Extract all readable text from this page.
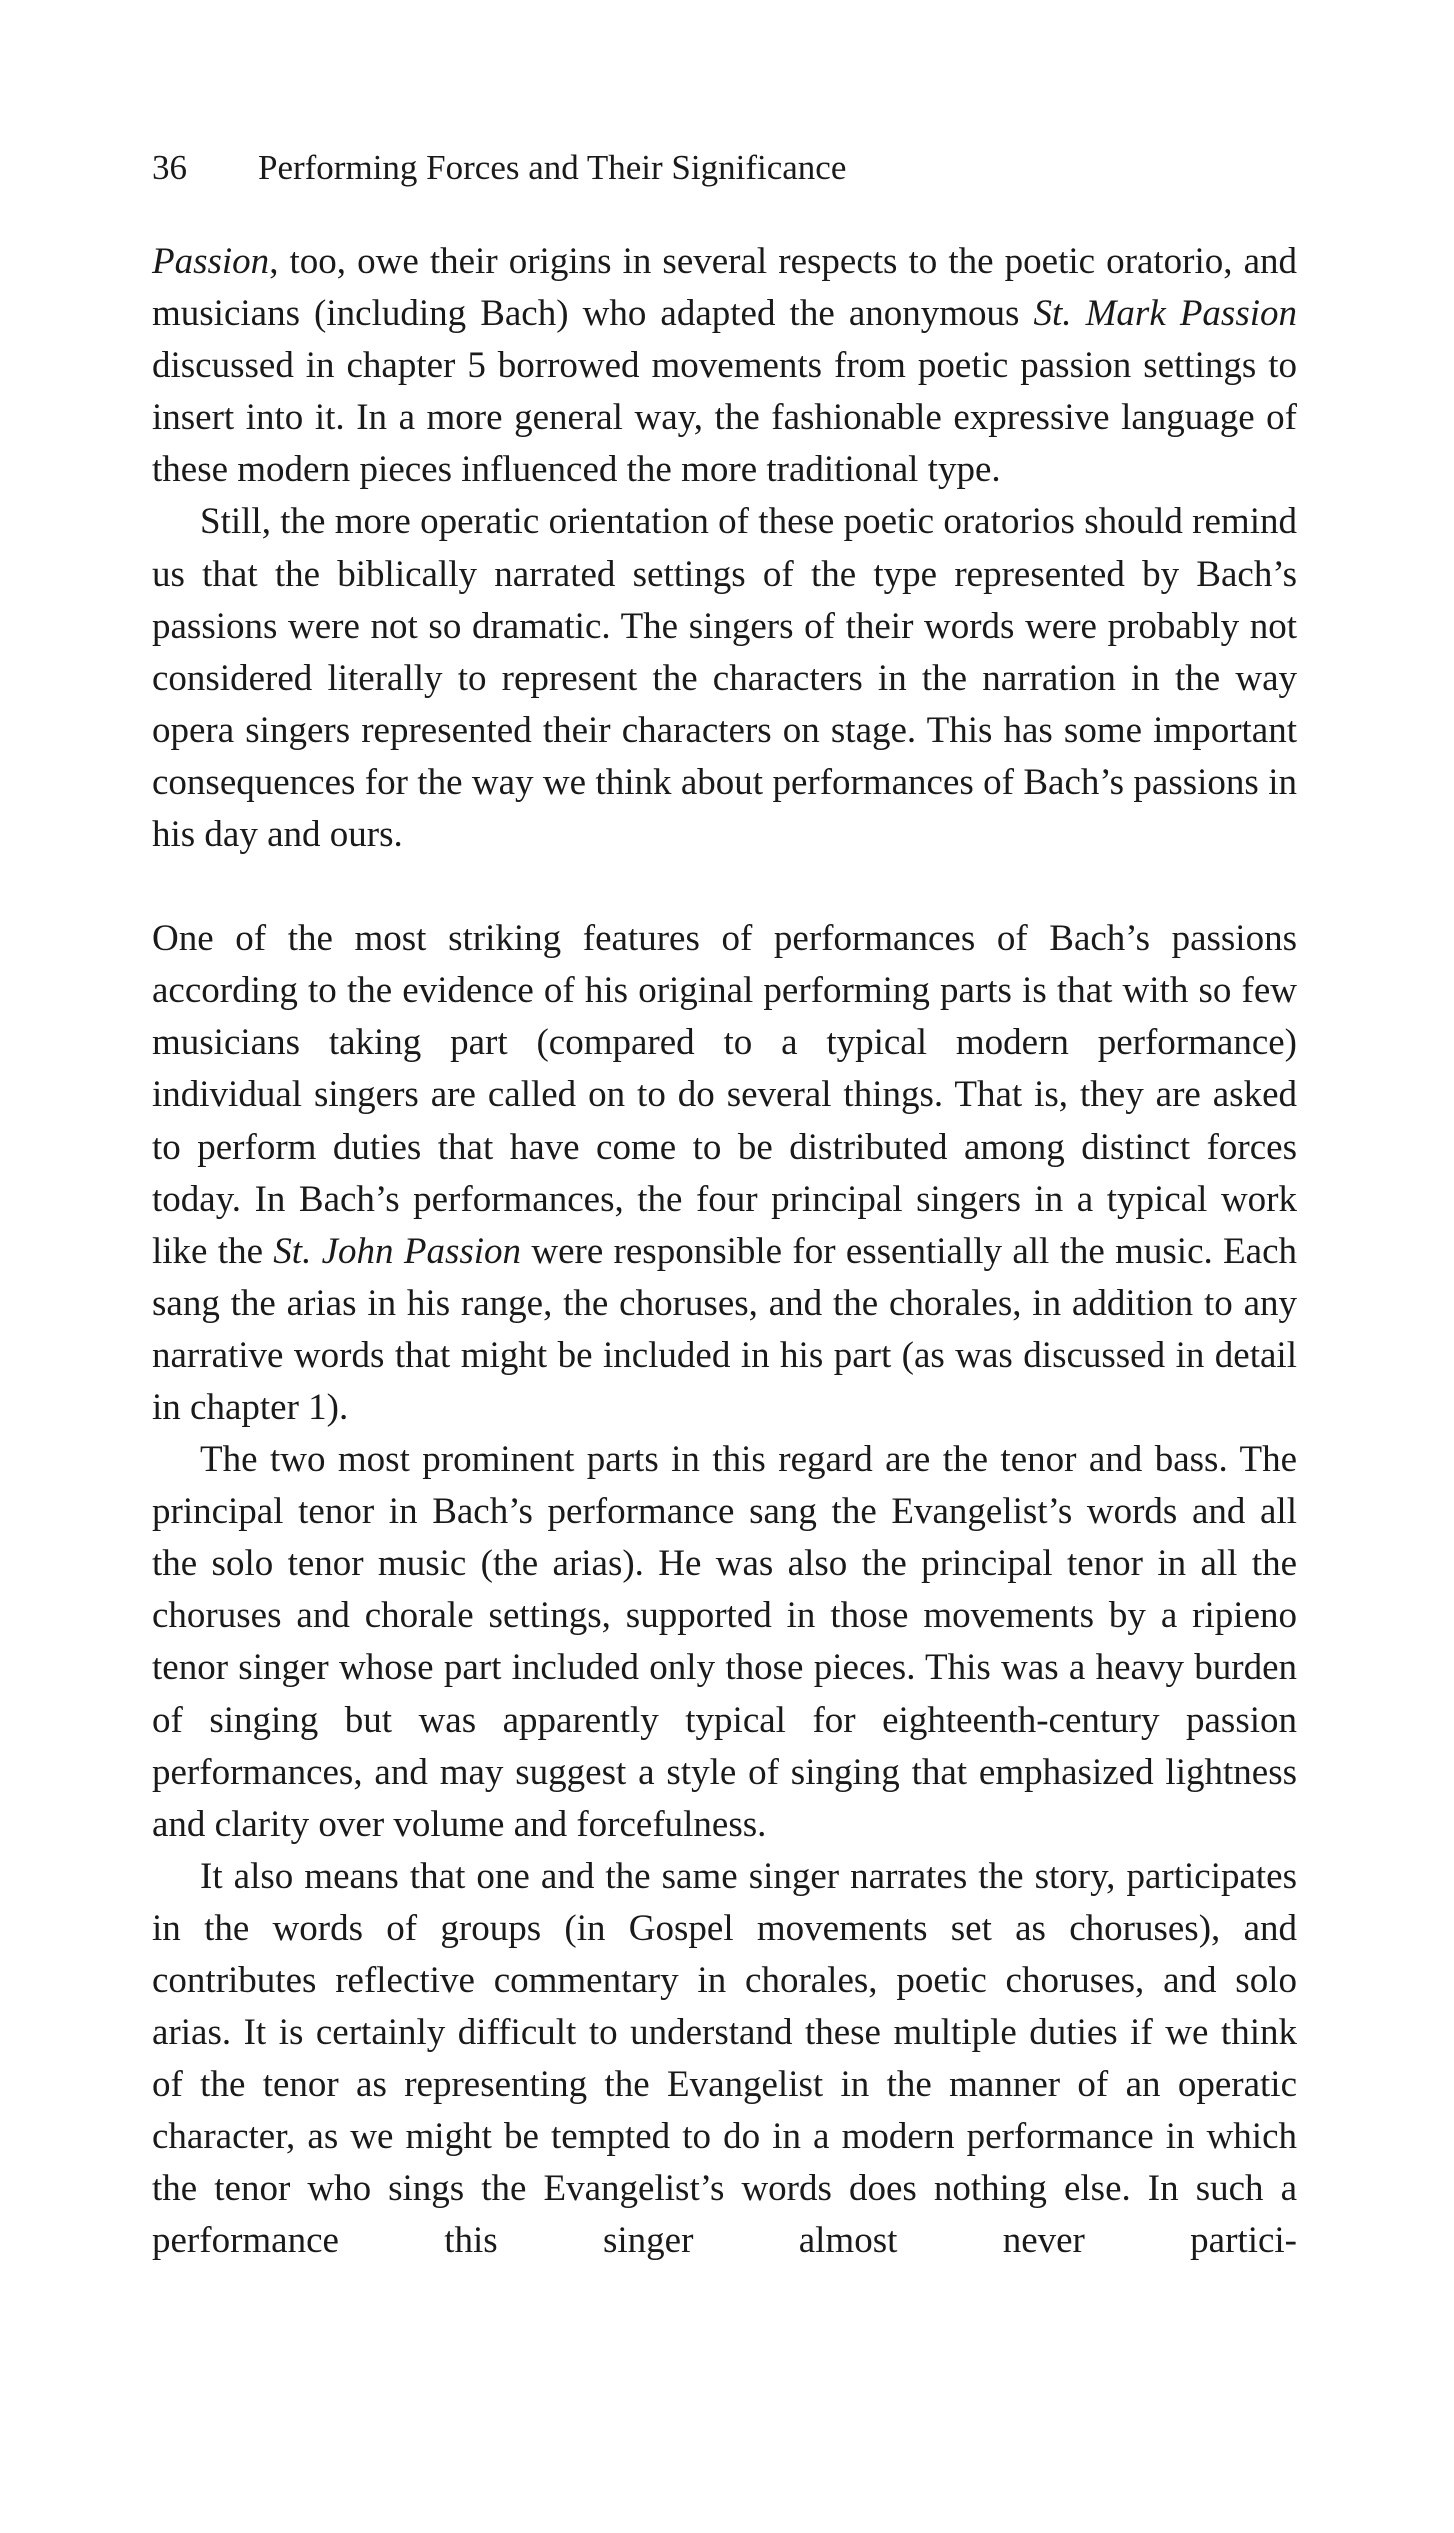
36 Performing Forces and Their Significance

Passion, too, owe their origins in several respects to the poetic oratorio, and musicians (including Bach) who adapted the anonymous St. Mark Passion discussed in chapter 5 borrowed movements from poetic passion settings to insert into it. In a more general way, the fashionable expressive language of these modern pieces influenced the more traditional type.

Still, the more operatic orientation of these poetic oratorios should remind us that the biblically narrated settings of the type represented by Bach’s passions were not so dramatic. The singers of their words were probably not considered literally to represent the characters in the narration in the way opera singers represented their characters on stage. This has some important consequences for the way we think about performances of Bach’s passions in his day and ours.

One of the most striking features of performances of Bach’s passions according to the evidence of his original performing parts is that with so few musicians taking part (compared to a typical modern performance) individual singers are called on to do several things. That is, they are asked to perform duties that have come to be distributed among distinct forces today. In Bach’s performances, the four principal singers in a typical work like the St. John Passion were responsible for essentially all the music. Each sang the arias in his range, the choruses, and the chorales, in addition to any narrative words that might be included in his part (as was discussed in detail in chapter 1).

The two most prominent parts in this regard are the tenor and bass. The principal tenor in Bach’s performance sang the Evangelist’s words and all the solo tenor music (the arias). He was also the principal tenor in all the choruses and chorale settings, supported in those movements by a ripieno tenor singer whose part included only those pieces. This was a heavy burden of singing but was apparently typical for eighteenth-century passion performances, and may suggest a style of singing that emphasized lightness and clarity over volume and forcefulness.

It also means that one and the same singer narrates the story, participates in the words of groups (in Gospel movements set as choruses), and contributes reflective commentary in chorales, poetic choruses, and solo arias. It is certainly difficult to understand these multiple duties if we think of the tenor as representing the Evangelist in the manner of an operatic character, as we might be tempted to do in a modern performance in which the tenor who sings the Evangelist’s words does nothing else. In such a performance this singer almost never partici-
